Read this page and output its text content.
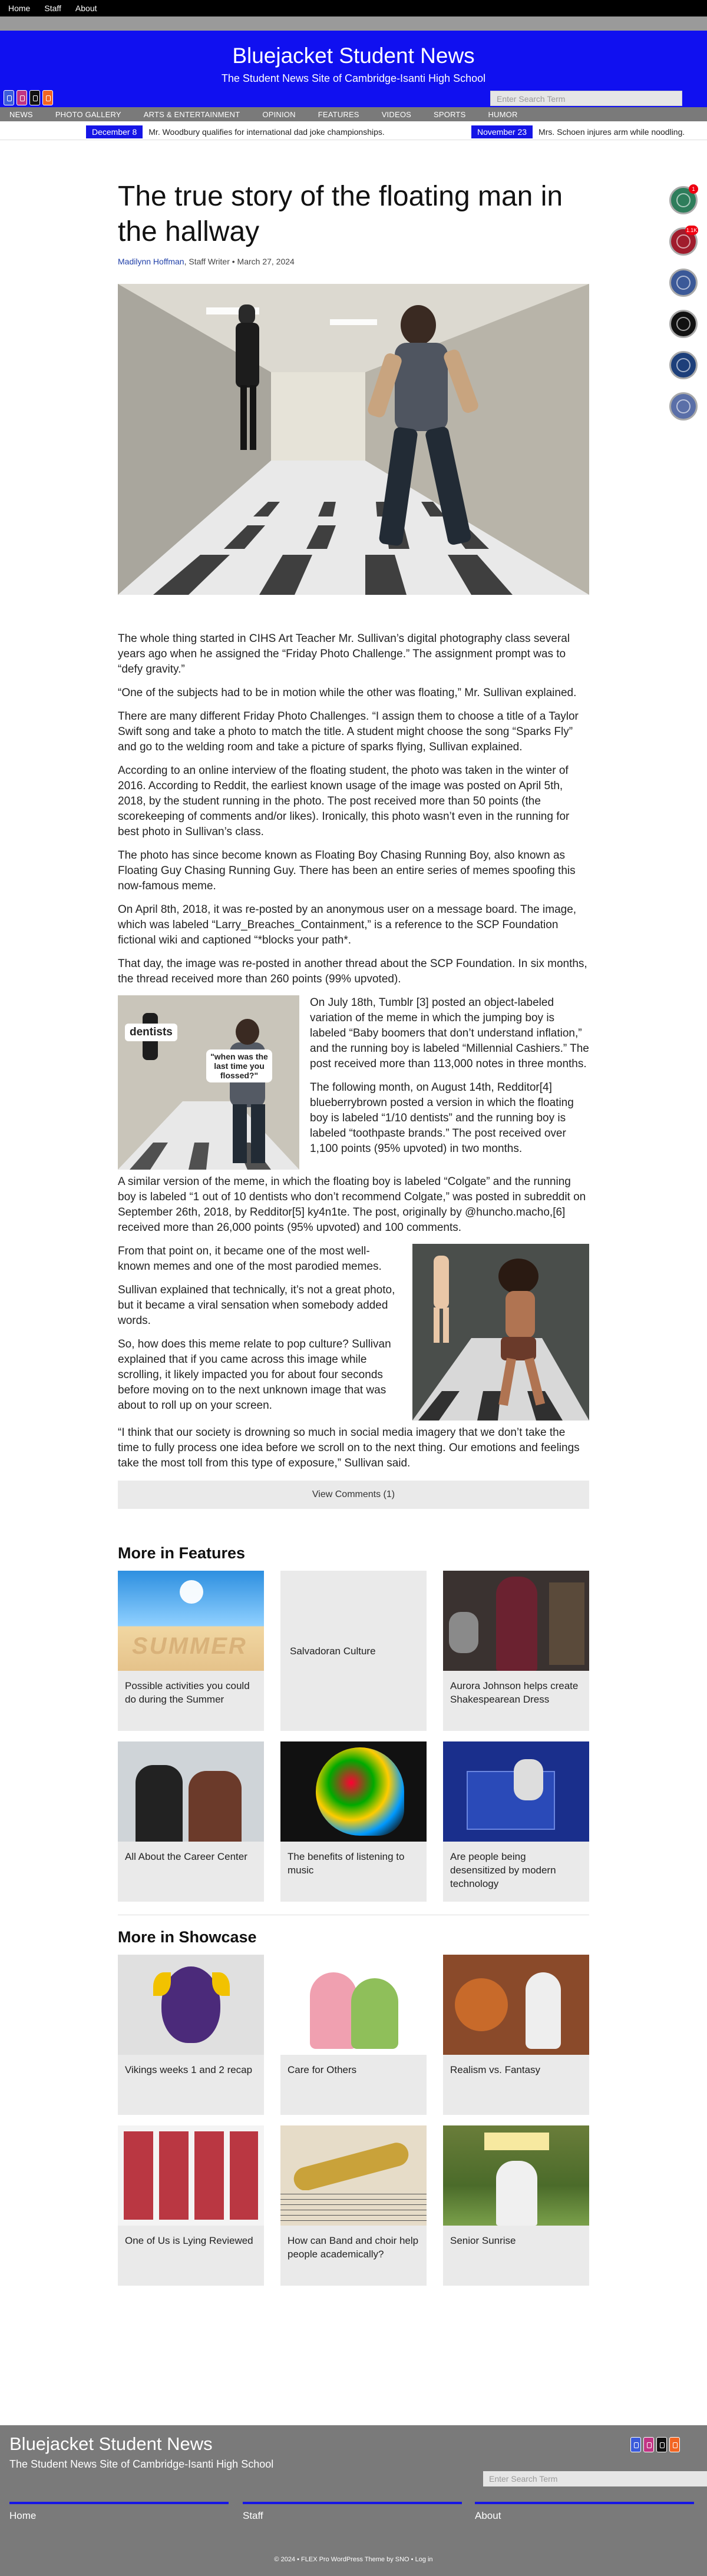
Home Staff About
Bluejacket Student News
The Student News Site of Cambridge-Isanti High School
Enter Search Term
NEWS	PHOTO GALLERY	ARTS & ENTERTAINMENT	OPINION	FEATURES	VIDEOS	SPORTS	HUMOR
December 8	Mr. Woodbury qualifies for international dad joke championships.	November 23	Mrs. Schoen injures arm while noodling.
1
1.1K
The true story of the floating man in the hallway
Madilynn Hoffman, Staff Writer • March 27, 2024

The whole thing started in CIHS Art Teacher Mr. Sullivan’s digital photography class several years ago when he assigned the “Friday Photo Challenge.” The assignment prompt was to “defy gravity.”

“One of the subjects had to be in motion while the other was floating,” Mr. Sullivan explained.

There are many different Friday Photo Challenges. “I assign them to choose a title of a Taylor Swift song and take a photo to match the title. A student might choose the song “Sparks Fly” and go to the welding room and take a picture of sparks flying, Sullivan explained.

According to an online interview of the floating student, the photo was taken in the winter of 2016. According to Reddit, the earliest known usage of the image was posted on April 5th, 2018, by the student running in the photo. The post received more than 50 points (the scorekeeping of comments and/or likes). Ironically, this photo wasn’t even in the running for best photo in Sullivan’s class.

The photo has since become known as Floating Boy Chasing Running Boy, also known as Floating Guy Chasing Running Guy. There has been an entire series of memes spoofing this now-famous meme.

On April 8th, 2018, it was re-posted by an anonymous user on a message board. The image, which was labeled “Larry_Breaches_Containment,” is a reference to the SCP Foundation fictional wiki and captioned “*blocks your path*.

That day, the image was re-posted in another thread about the SCP Foundation. In six months, the thread received more than 260 points (99% upvoted).

dentists
"when was the last time you flossed?"

On July 18th, Tumblr [3] posted an object-labeled variation of the meme in which the jumping boy is labeled “Baby boomers that don’t understand inflation,” and the running boy is labeled “Millennial Cashiers.” The post received more than 113,000 notes in three months.

The following month, on August 14th, Redditor[4] blueberrybrown posted a version in which the floating boy is labeled “1/10 dentists” and the running boy is labeled “toothpaste brands.” The post received over 1,100 points (95% upvoted) in two months.

A similar version of the meme, in which the floating boy is labeled “Colgate” and the running boy is labeled “1 out of 10 dentists who don’t recommend Colgate,” was posted in subreddit on September 26th, 2018, by Redditor[5] ky4n1te. The post, originally by @huncho.macho,[6] received more than 26,000 points (95% upvoted) and 100 comments.

From that point on, it became one of the most well-known memes and one of the most parodied memes.

Sullivan explained that technically, it’s not a great photo, but it became a viral sensation when somebody added words.

So, how does this meme relate to pop culture? Sullivan explained that if you came across this image while scrolling, it likely impacted you for about four seconds before moving on to the next unknown image that was about to roll up on your screen.

“I think that our society is drowning so much in social media imagery that we don’t take the time to fully process one idea before we scroll on to the next thing. Our emotions and feelings take the most toll from this type of exposure,” Sullivan said.

View Comments (1)
More in Features
SUMMER
Possible activities you could do during the Summer
Salvadoran Culture
Aurora Johnson helps create Shakespearean Dress
All About the Career Center	The benefits of listening to music
Are people being desensitized by modern technology
More in Showcase
Vikings weeks 1 and 2 recap	Care for Others	Realism vs. Fantasy
One of Us is Lying Reviewed	How can Band and choir help people academically?
Senior Sunrise
Bluejacket Student News
The Student News Site of Cambridge-Isanti High School
Enter Search Term
Home	Staff	About
© 2024 • FLEX Pro WordPress Theme by SNO • Log in
